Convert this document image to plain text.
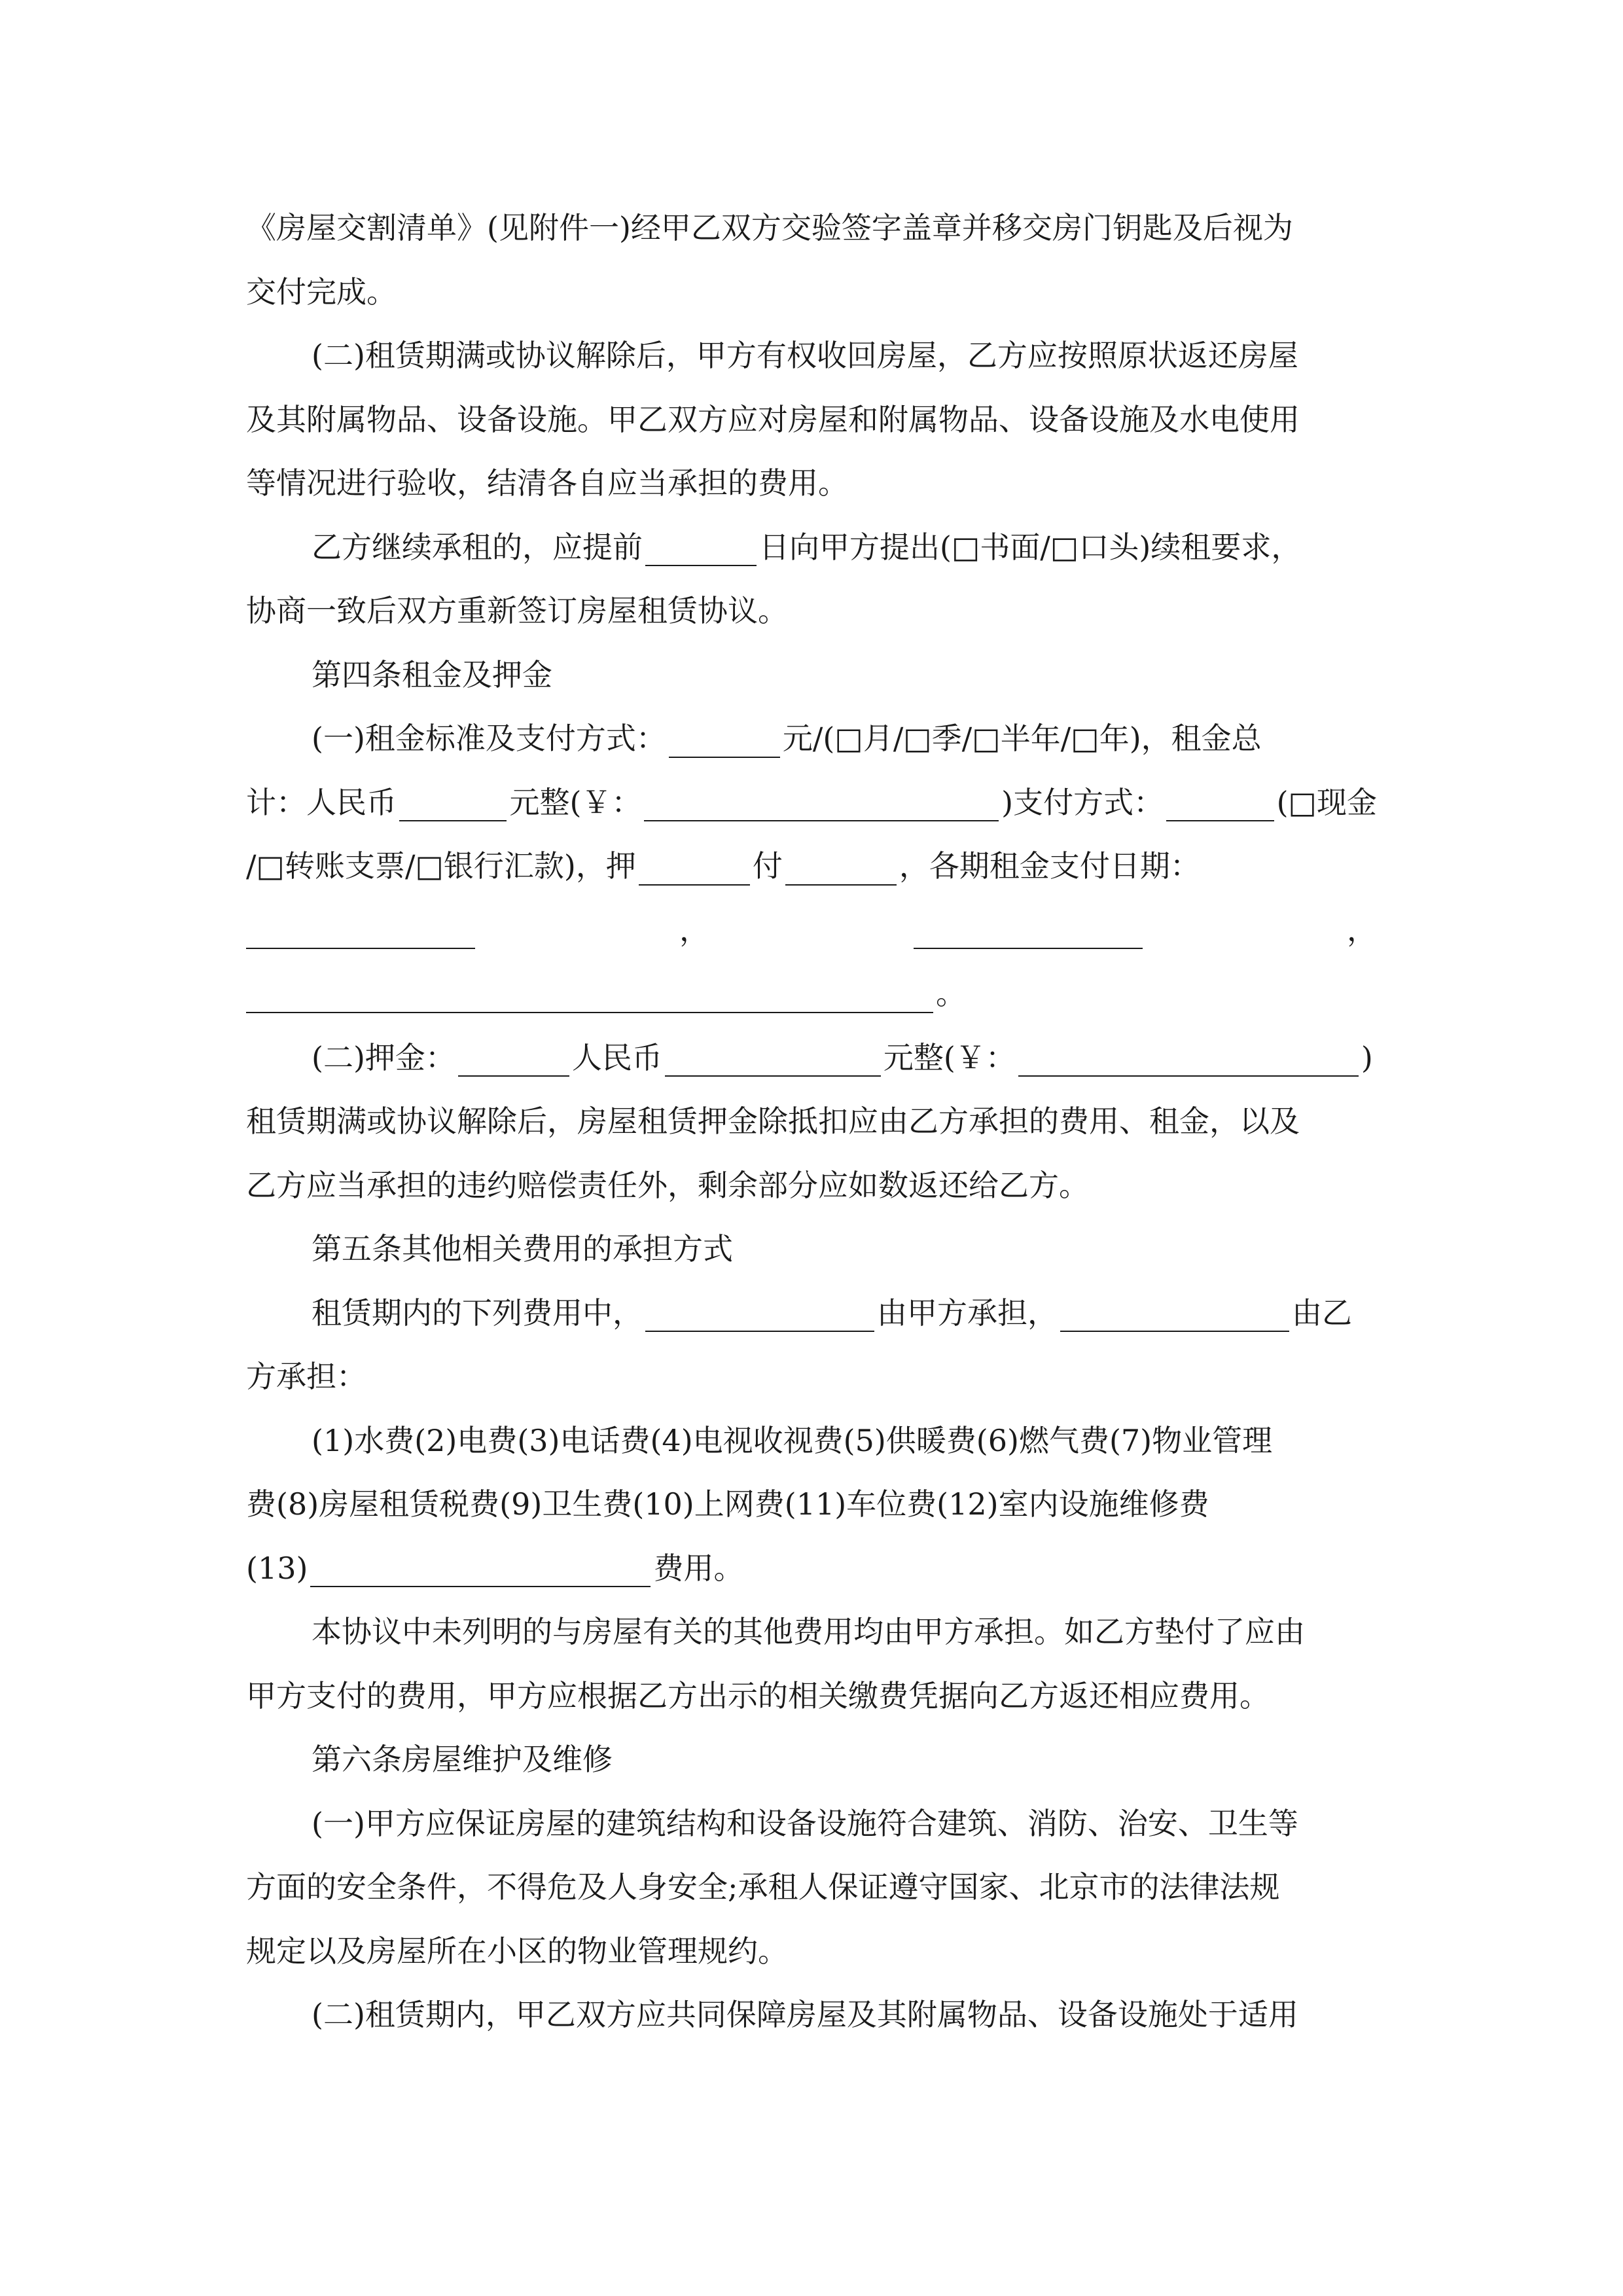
《房屋交割清单》(见附件一)经甲乙双方交验签字盖章并移交房门钥匙及后视为
交付完成。
(二)租赁期满或协议解除后，甲方有权收回房屋，乙方应按照原状返还房屋
及其附属物品、设备设施。甲乙双方应对房屋和附属物品、设备设施及水电使用
等情况进行验收，结清各自应当承担的费用。
乙方继续承租的，应提前	日向甲方提出(□书面/□口头)续租要求，
协商一致后双方重新签订房屋租赁协议。
第四条租金及押金
(一)租金标准及支付方式：	元/(□月/□季/□半年/□年)，租金总
计：人民币	元整(￥：	)支付方式：	(□现金
/□转账支票/□银行汇款)，押	付	，各期租金支付日期：
，	，
。
(二)押金：	人民币	元整(￥：	)
租赁期满或协议解除后，房屋租赁押金除抵扣应由乙方承担的费用、租金，以及
乙方应当承担的违约赔偿责任外，剩余部分应如数返还给乙方。
第五条其他相关费用的承担方式
租赁期内的下列费用中，	由甲方承担，	由乙
方承担：
(1)水费(2)电费(3)电话费(4)电视收视费(5)供暖费(6)燃气费(7)物业管理
费(8)房屋租赁税费(9)卫生费(10)上网费(11)车位费(12)室内设施维修费
(13)	费用。
本协议中未列明的与房屋有关的其他费用均由甲方承担。如乙方垫付了应由
甲方支付的费用，甲方应根据乙方出示的相关缴费凭据向乙方返还相应费用。
第六条房屋维护及维修
(一)甲方应保证房屋的建筑结构和设备设施符合建筑、消防、治安、卫生等
方面的安全条件，不得危及人身安全;承租人保证遵守国家、北京市的法律法规
规定以及房屋所在小区的物业管理规约。
(二)租赁期内，甲乙双方应共同保障房屋及其附属物品、设备设施处于适用
